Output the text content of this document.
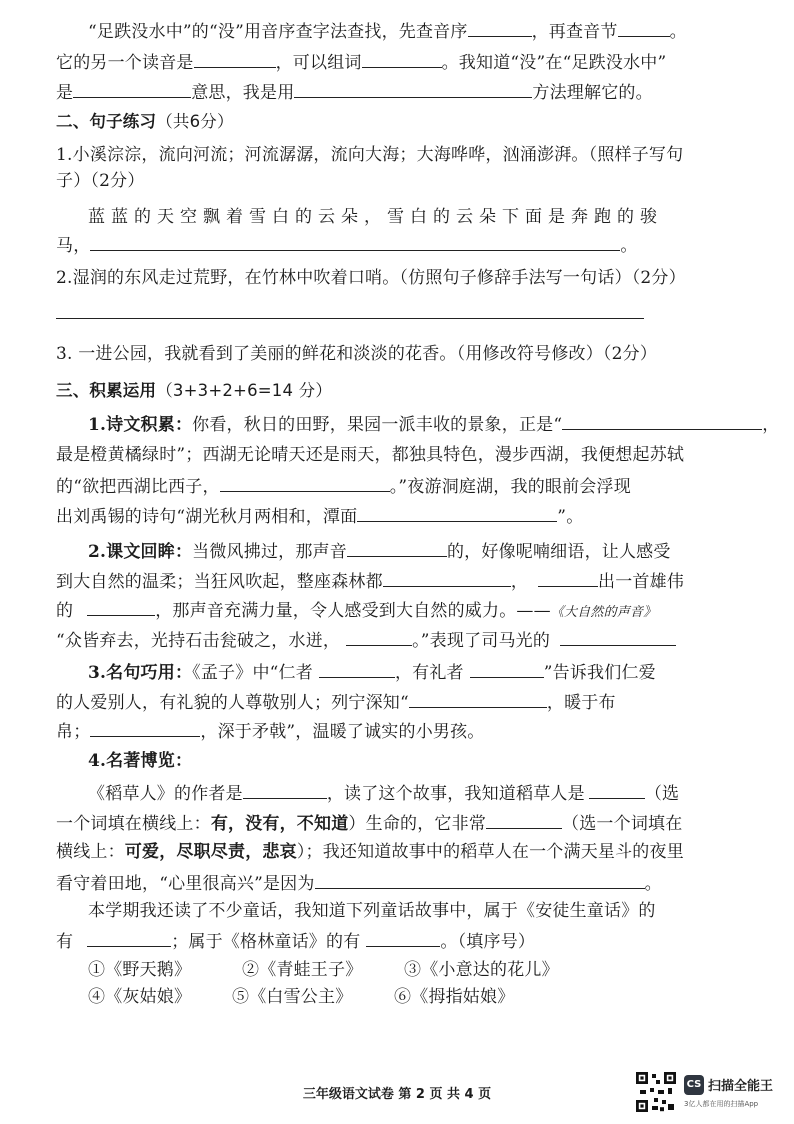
“足跌没水中”的“没”用音序查字法查找，先查音序	，再查音节	。
它的另一个读音是	，可以组词	。我知道“没”在“足跌没水中”
是	意思，我是用	方法理解它的。
二、句子练习（共6分）
1.小溪淙淙，流向河流；河流潺潺，流向大海；大海哗哗，汹涌澎湃。（照样子写句
子）（2分）
蓝蓝的天空飘着雪白的云朵，雪白的云朵下面是奔跑的骏
马，	。
2.湿润的东风走过荒野，在竹林中吹着口哨。（仿照句子修辞手法写一句话）（2分）
3. 一进公园，我就看到了美丽的鲜花和淡淡的花香。（用修改符号修改）（2分）
三、积累运用（3+3+2+6=14 分）
1.诗文积累：你看，秋日的田野，果园一派丰收的景象，正是“	，
最是橙黄橘绿时”；西湖无论晴天还是雨天，都独具特色，漫步西湖，我便想起苏轼
的“欲把西湖比西子，	。”夜游洞庭湖，我的眼前会浮现
出刘禹锡的诗句“湖光秋月两相和，潭面	”。
2.课文回眸：当微风拂过，那声音	的，好像呢喃细语，让人感受
到大自然的温柔；当狂风吹起，整座森林都	，	出一首雄伟
的	，那声音充满力量，令人感受到大自然的威力。——《大自然的声音》
“众皆弃去，光持石击瓮破之，水迸，	。”表现了司马光的
3.名句巧用：《孟子》中“仁者	，有礼者	”告诉我们仁爱
的人爱别人，有礼貌的人尊敬别人；列宁深知“	，暖于布
帛；	，深于矛戟”，温暖了诚实的小男孩。
4.名著博览：
《稻草人》的作者是	，读了这个故事，我知道稻草人是	（选
一个词填在横线上：有，没有，不知道）生命的，它非常	（选一个词填在
横线上：可爱，尽职尽责，悲哀）；我还知道故事中的稻草人在一个满天星斗的夜里
看守着田地，“心里很高兴”是因为	。
本学期我还读了不少童话，我知道下列童话故事中，属于《安徒生童话》的
有	；属于《格林童话》的有	。（填序号）
①《野天鹅》	②《青蛙王子》	③《小意达的花儿》
④《灰姑娘》	⑤《白雪公主》	⑥《拇指姑娘》
三年级语文试卷 第 2 页 共 4 页
CS 扫描全能王
3亿人都在用的扫描App
